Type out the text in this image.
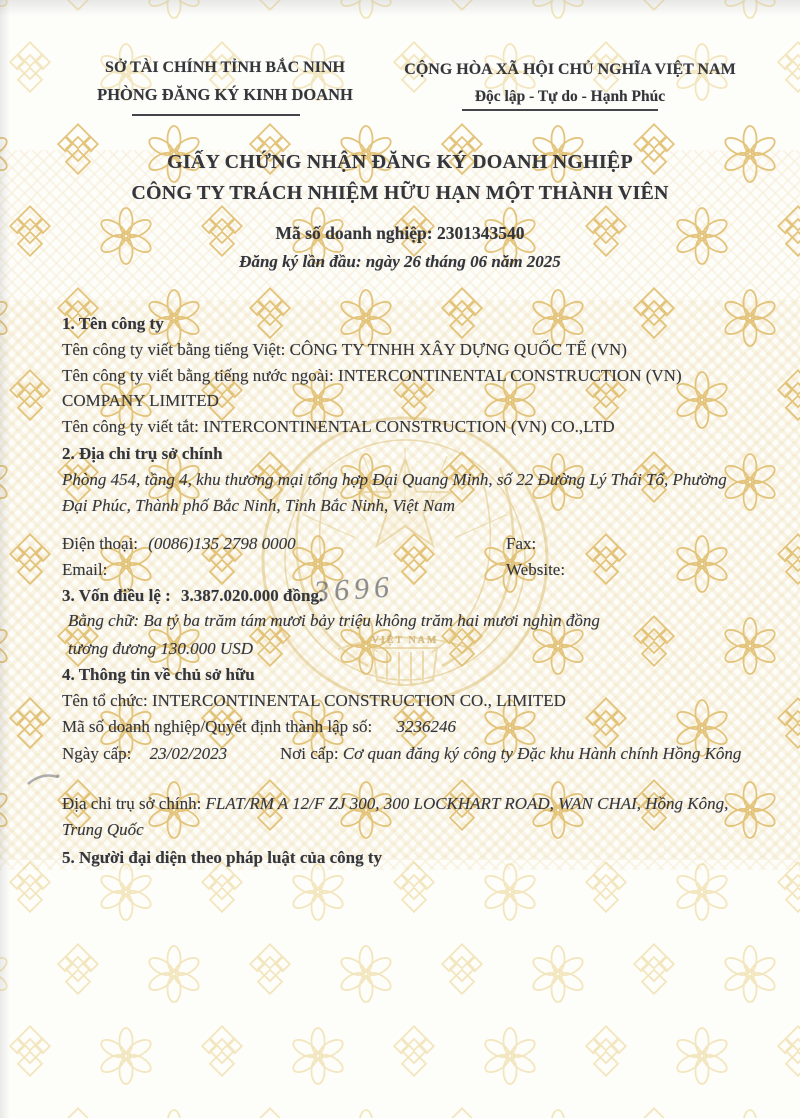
VIỆT NAM
3696
SỞ TÀI CHÍNH TỈNH BẮC NINH
PHÒNG ĐĂNG KÝ KINH DOANH
CỘNG HÒA XÃ HỘI CHỦ NGHĨA VIỆT NAM
Độc lập - Tự do - Hạnh Phúc
GIẤY CHỨNG NHẬN ĐĂNG KÝ DOANH NGHIỆP
CÔNG TY TRÁCH NHIỆM HỮU HẠN MỘT THÀNH VIÊN
Mã số doanh nghiệp: 2301343540
Đăng ký lần đầu: ngày 26 tháng 06 năm 2025
1. Tên công ty
Tên công ty viết bằng tiếng Việt: CÔNG TY TNHH XÂY DỰNG QUỐC TẾ (VN)
Tên công ty viết bằng tiếng nước ngoài: INTERCONTINENTAL CONSTRUCTION (VN) COMPANY LIMITED
Tên công ty viết tắt: INTERCONTINENTAL CONSTRUCTION (VN) CO.,LTD
2. Địa chỉ trụ sở chính
Phòng 454, tầng 4, khu thương mại tổng hợp Đại Quang Minh, số 22 Đường Lý Thái Tổ, Phường Đại Phúc, Thành phố Bắc Ninh, Tỉnh Bắc Ninh, Việt Nam
Điện thoại: (0086)135 2798 0000	Fax:
Email:	Website:
3. Vốn điều lệ : 3.387.020.000 đồng.
Bằng chữ: Ba tỷ ba trăm tám mươi bảy triệu không trăm hai mươi nghìn đồng
tương đương 130.000 USD
4. Thông tin về chủ sở hữu
Tên tổ chức: INTERCONTINENTAL CONSTRUCTION CO., LIMITED
Mã số doanh nghiệp/Quyết định thành lập số: 3236246
Ngày cấp: 23/02/2023	Nơi cấp: Cơ quan đăng ký công ty Đặc khu Hành chính Hồng Kông
Địa chỉ trụ sở chính: FLAT/RM A 12/F ZJ 300, 300 LOCKHART ROAD, WAN CHAI, Hồng Kông, Trung Quốc
5. Người đại diện theo pháp luật của công ty
